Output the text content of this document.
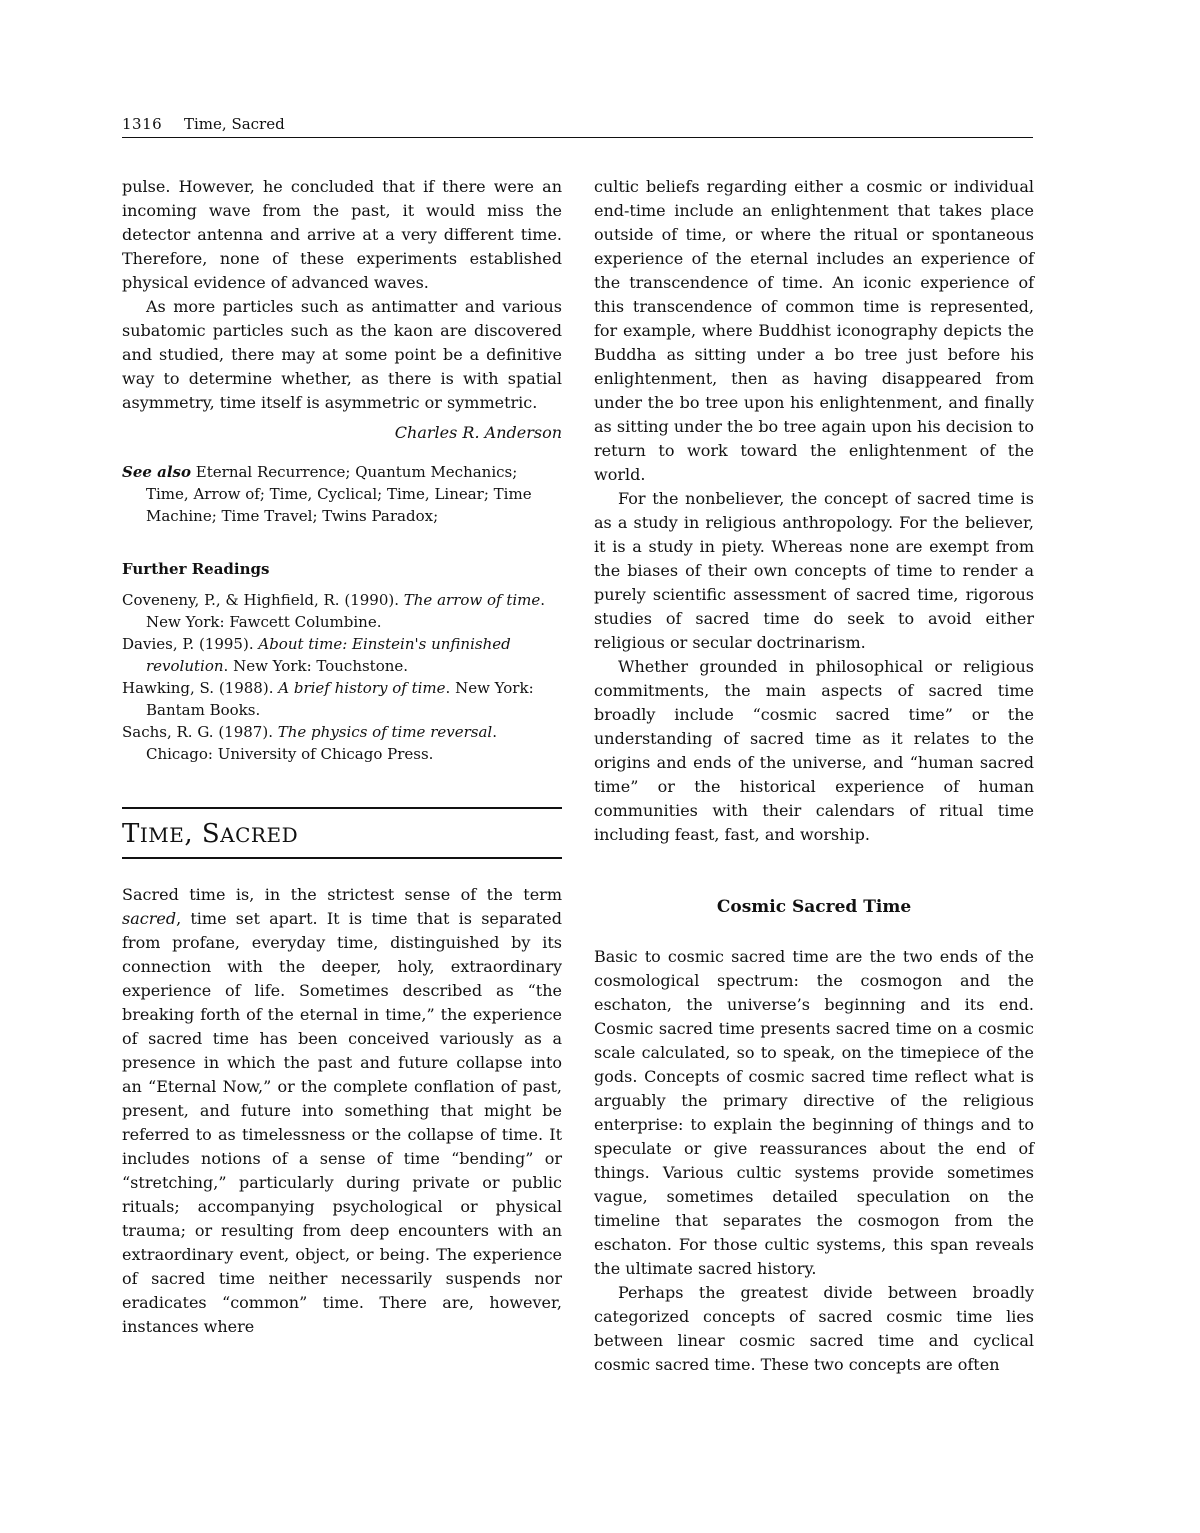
1316 Time, Sacred

pulse. However, he concluded that if there were an incoming wave from the past, it would miss the detector antenna and arrive at a very different time. Therefore, none of these experiments established physical evidence of advanced waves.

As more particles such as antimatter and various subatomic particles such as the kaon are discovered and studied, there may at some point be a definitive way to determine whether, as there is with spatial asymmetry, time itself is asymmetric or symmetric.

Charles R. Anderson

See also Eternal Recurrence; Quantum Mechanics; Time, Arrow of; Time, Cyclical; Time, Linear; Time Machine; Time Travel; Twins Paradox;
Further Readings
Coveneny, P., & Highfield, R. (1990). The arrow of time. New York: Fawcett Columbine.
Davies, P. (1995). About time: Einstein's unfinished revolution. New York: Touchstone.
Hawking, S. (1988). A brief history of time. New York: Bantam Books.
Sachs, R. G. (1987). The physics of time reversal. Chicago: University of Chicago Press.
TIME, SACRED

Sacred time is, in the strictest sense of the term sacred, time set apart. It is time that is separated from profane, everyday time, distinguished by its connection with the deeper, holy, extraordinary experience of life. Sometimes described as “the breaking forth of the eternal in time,” the experience of sacred time has been conceived variously as a presence in which the past and future collapse into an “Eternal Now,” or the complete conflation of past, present, and future into something that might be referred to as timelessness or the collapse of time. It includes notions of a sense of time “bending” or “stretching,” particularly during private or public rituals; accompanying psychological or physical trauma; or resulting from deep encounters with an extraordinary event, object, or being. The experience of sacred time neither necessarily suspends nor eradicates “common” time. There are, however, instances where

cultic beliefs regarding either a cosmic or individual end-time include an enlightenment that takes place outside of time, or where the ritual or spontaneous experience of the eternal includes an experience of the transcendence of time. An iconic experience of this transcendence of common time is represented, for example, where Buddhist iconography depicts the Buddha as sitting under a bo tree just before his enlightenment, then as having disappeared from under the bo tree upon his enlightenment, and finally as sitting under the bo tree again upon his decision to return to work toward the enlightenment of the world.

For the nonbeliever, the concept of sacred time is as a study in religious anthropology. For the believer, it is a study in piety. Whereas none are exempt from the biases of their own concepts of time to render a purely scientific assessment of sacred time, rigorous studies of sacred time do seek to avoid either religious or secular doctrinarism.

Whether grounded in philosophical or religious commitments, the main aspects of sacred time broadly include “cosmic sacred time” or the understanding of sacred time as it relates to the origins and ends of the universe, and “human sacred time” or the historical experience of human communities with their calendars of ritual time including feast, fast, and worship.

Cosmic Sacred Time

Basic to cosmic sacred time are the two ends of the cosmological spectrum: the cosmogon and the eschaton, the universe’s beginning and its end. Cosmic sacred time presents sacred time on a cosmic scale calculated, so to speak, on the timepiece of the gods. Concepts of cosmic sacred time reflect what is arguably the primary directive of the religious enterprise: to explain the beginning of things and to speculate or give reassurances about the end of things. Various cultic systems provide sometimes vague, sometimes detailed speculation on the timeline that separates the cosmogon from the eschaton. For those cultic systems, this span reveals the ultimate sacred history.

Perhaps the greatest divide between broadly categorized concepts of sacred cosmic time lies between linear cosmic sacred time and cyclical cosmic sacred time. These two concepts are often
